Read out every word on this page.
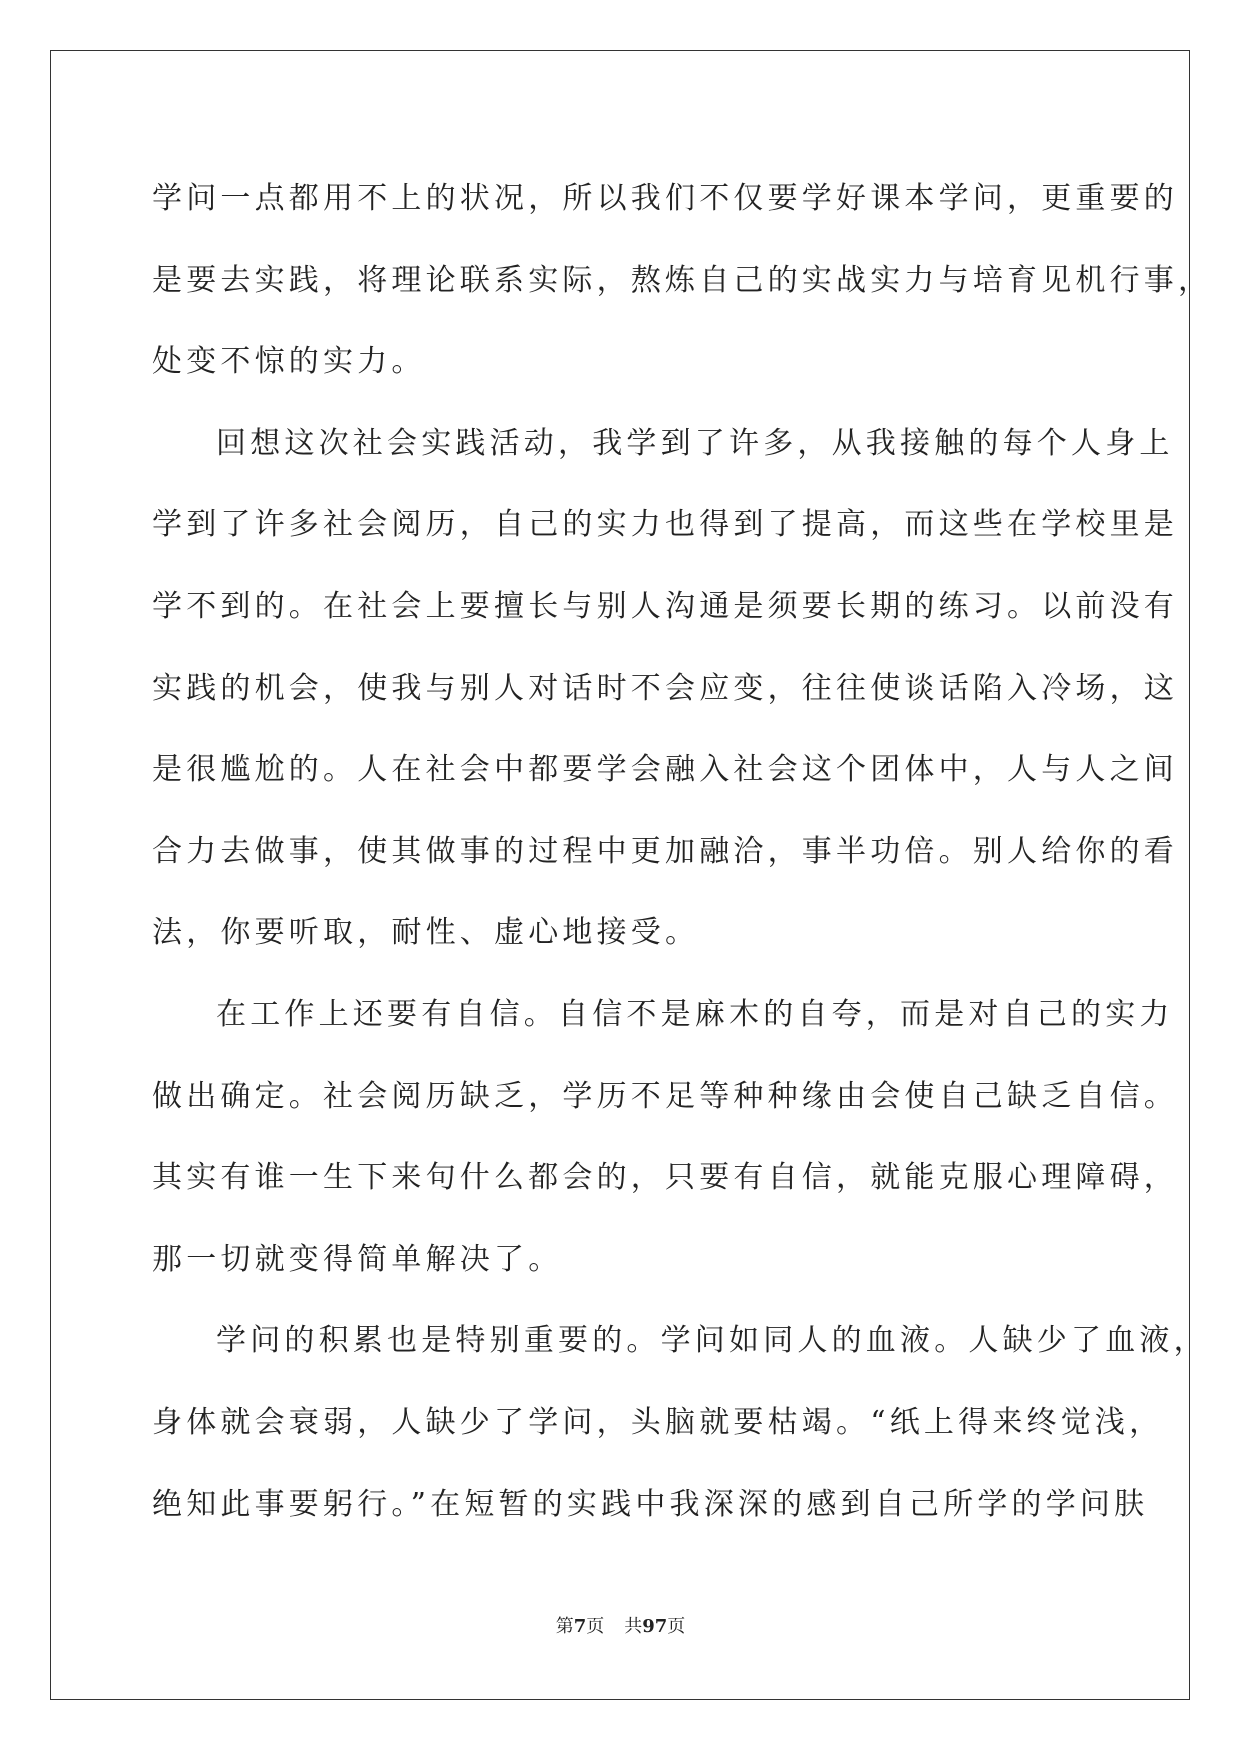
学问一点都用不上的状况，所以我们不仅要学好课本学问，更重要的
是要去实践，将理论联系实际，熬炼自己的实战实力与培育见机行事，
处变不惊的实力。
回想这次社会实践活动，我学到了许多，从我接触的每个人身上
学到了许多社会阅历，自己的实力也得到了提高，而这些在学校里是
学不到的。在社会上要擅长与别人沟通是须要长期的练习。以前没有
实践的机会，使我与别人对话时不会应变，往往使谈话陷入冷场，这
是很尴尬的。人在社会中都要学会融入社会这个团体中，人与人之间
合力去做事，使其做事的过程中更加融洽，事半功倍。别人给你的看
法，你要听取，耐性、虚心地接受。
在工作上还要有自信。自信不是麻木的自夸，而是对自己的实力
做出确定。社会阅历缺乏，学历不足等种种缘由会使自己缺乏自信。
其实有谁一生下来句什么都会的，只要有自信，就能克服心理障碍，
那一切就变得简单解决了。
学问的积累也是特别重要的。学问如同人的血液。人缺少了血液，
身体就会衰弱，人缺少了学问，头脑就要枯竭。“纸上得来终觉浅，
绝知此事要躬行。”在短暂的实践中我深深的感到自己所学的学问肤
第7页 共97页
